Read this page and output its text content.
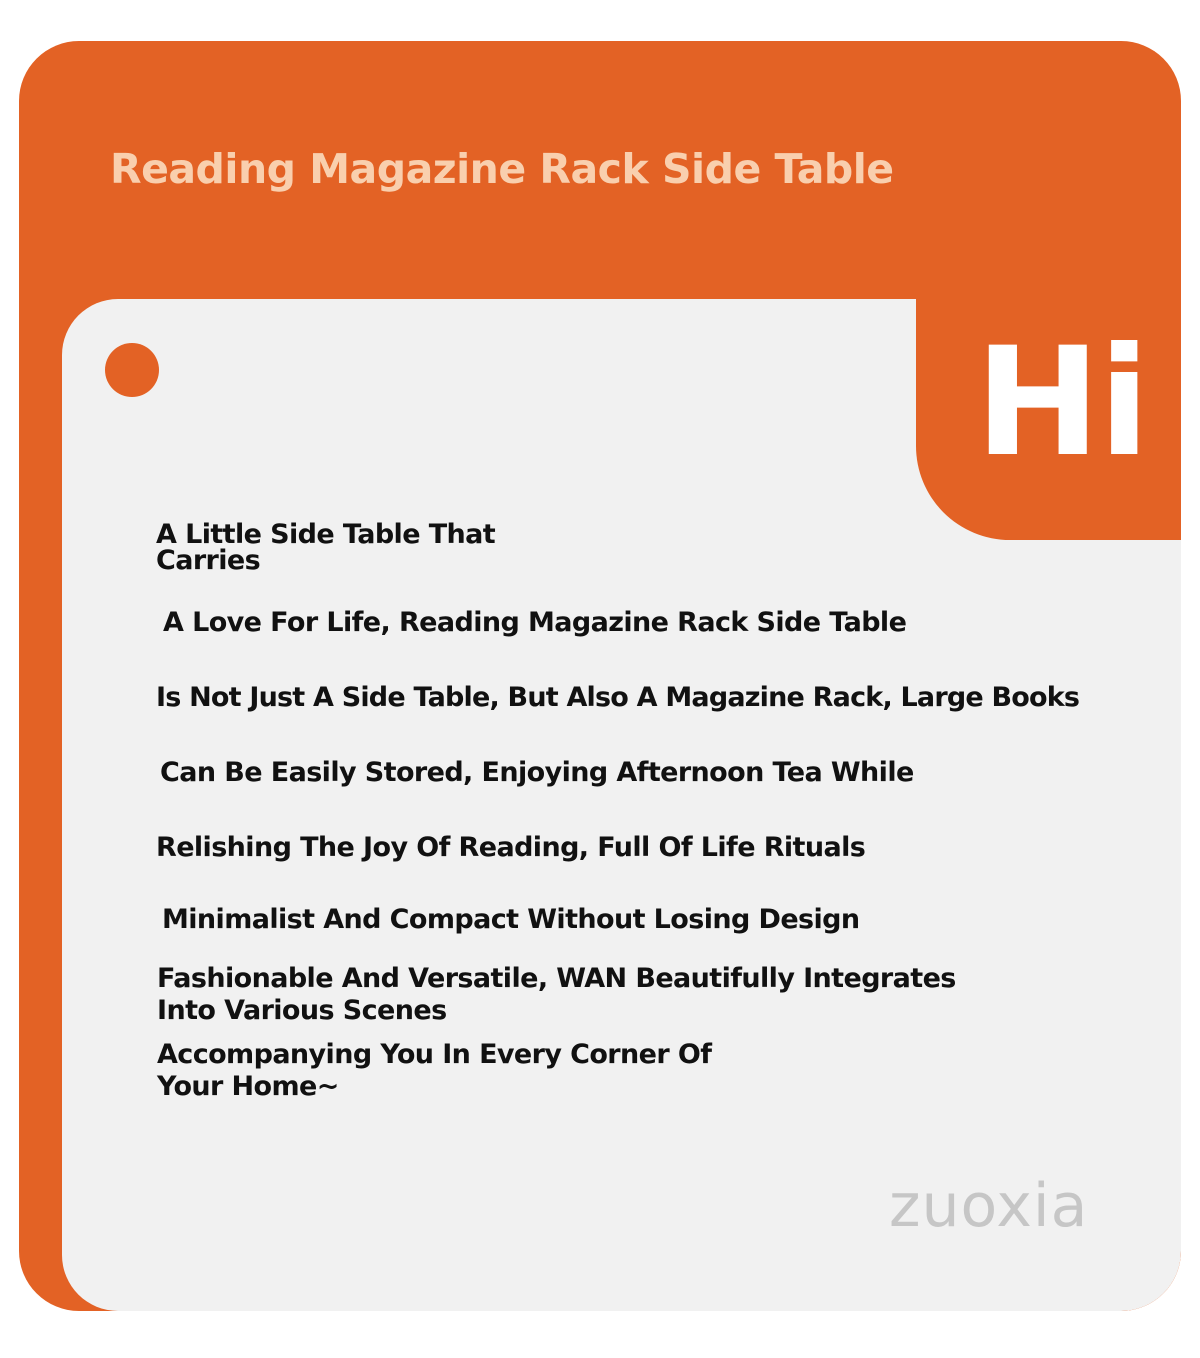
Reading Magazine Rack Side Table
Hi

A Little Side Table That Carries

A Love For Life, Reading Magazine Rack Side Table

Is Not Just A Side Table, But Also A Magazine Rack, Large Books

Can Be Easily Stored, Enjoying Afternoon Tea While

Relishing The Joy Of Reading, Full Of Life Rituals

Minimalist And Compact Without Losing Design

Fashionable And Versatile, WAN Beautifully Integrates Into Various Scenes

Accompanying You In Every Corner Of Your Home~

zuoxia
